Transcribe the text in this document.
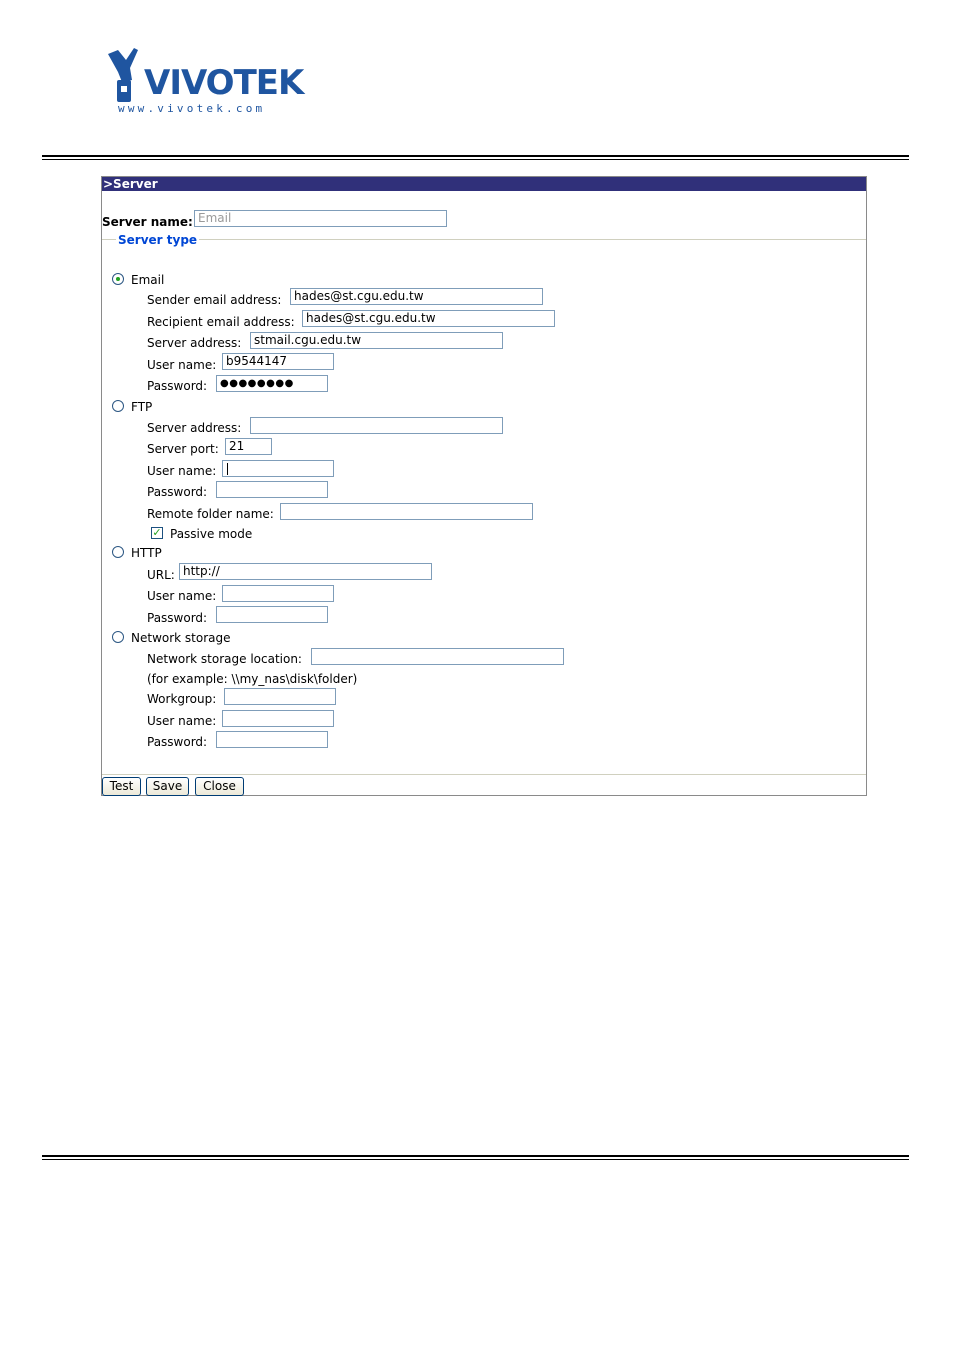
VIVOTEK
www.vivotek.com
>Server
Server name: Email
Server type
Email
Sender email address:	hades@st.cgu.edu.tw
Recipient email address: hades@st.cgu.edu.tw
Server address:	stmail.cgu.edu.tw
User name: b9544147
Password:	●●●●●●●●
FTP
Server address:
Server port: 21
User name:
Password:
Remote folder name:
✓ Passive mode
HTTP
URL: http://
User name:
Password:
Network storage
Network storage location:
(for example: \\my_nas\disk\folder)
Workgroup:
User name:
Password:
Test	Save	Close
